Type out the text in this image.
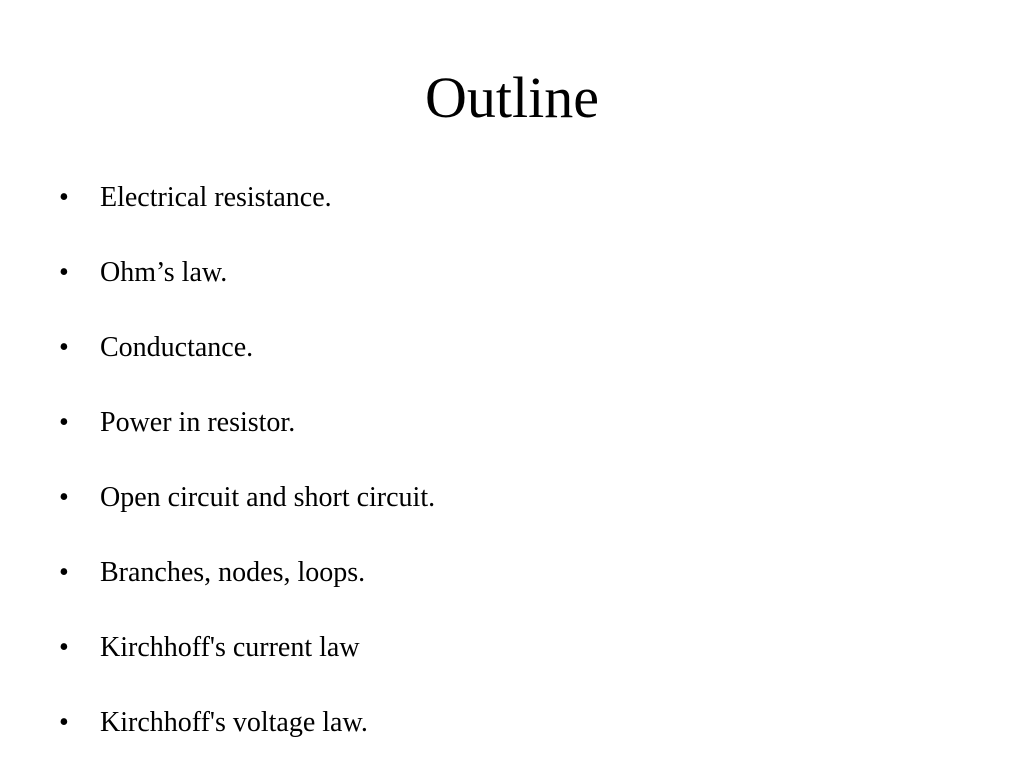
Outline
•	Electrical resistance.
•	Ohm’s law.
•	Conductance.
•	Power in resistor.
•	Open circuit and short circuit.
•	Branches, nodes, loops.
•	Kirchhoff's current law
•	Kirchhoff's voltage law.
